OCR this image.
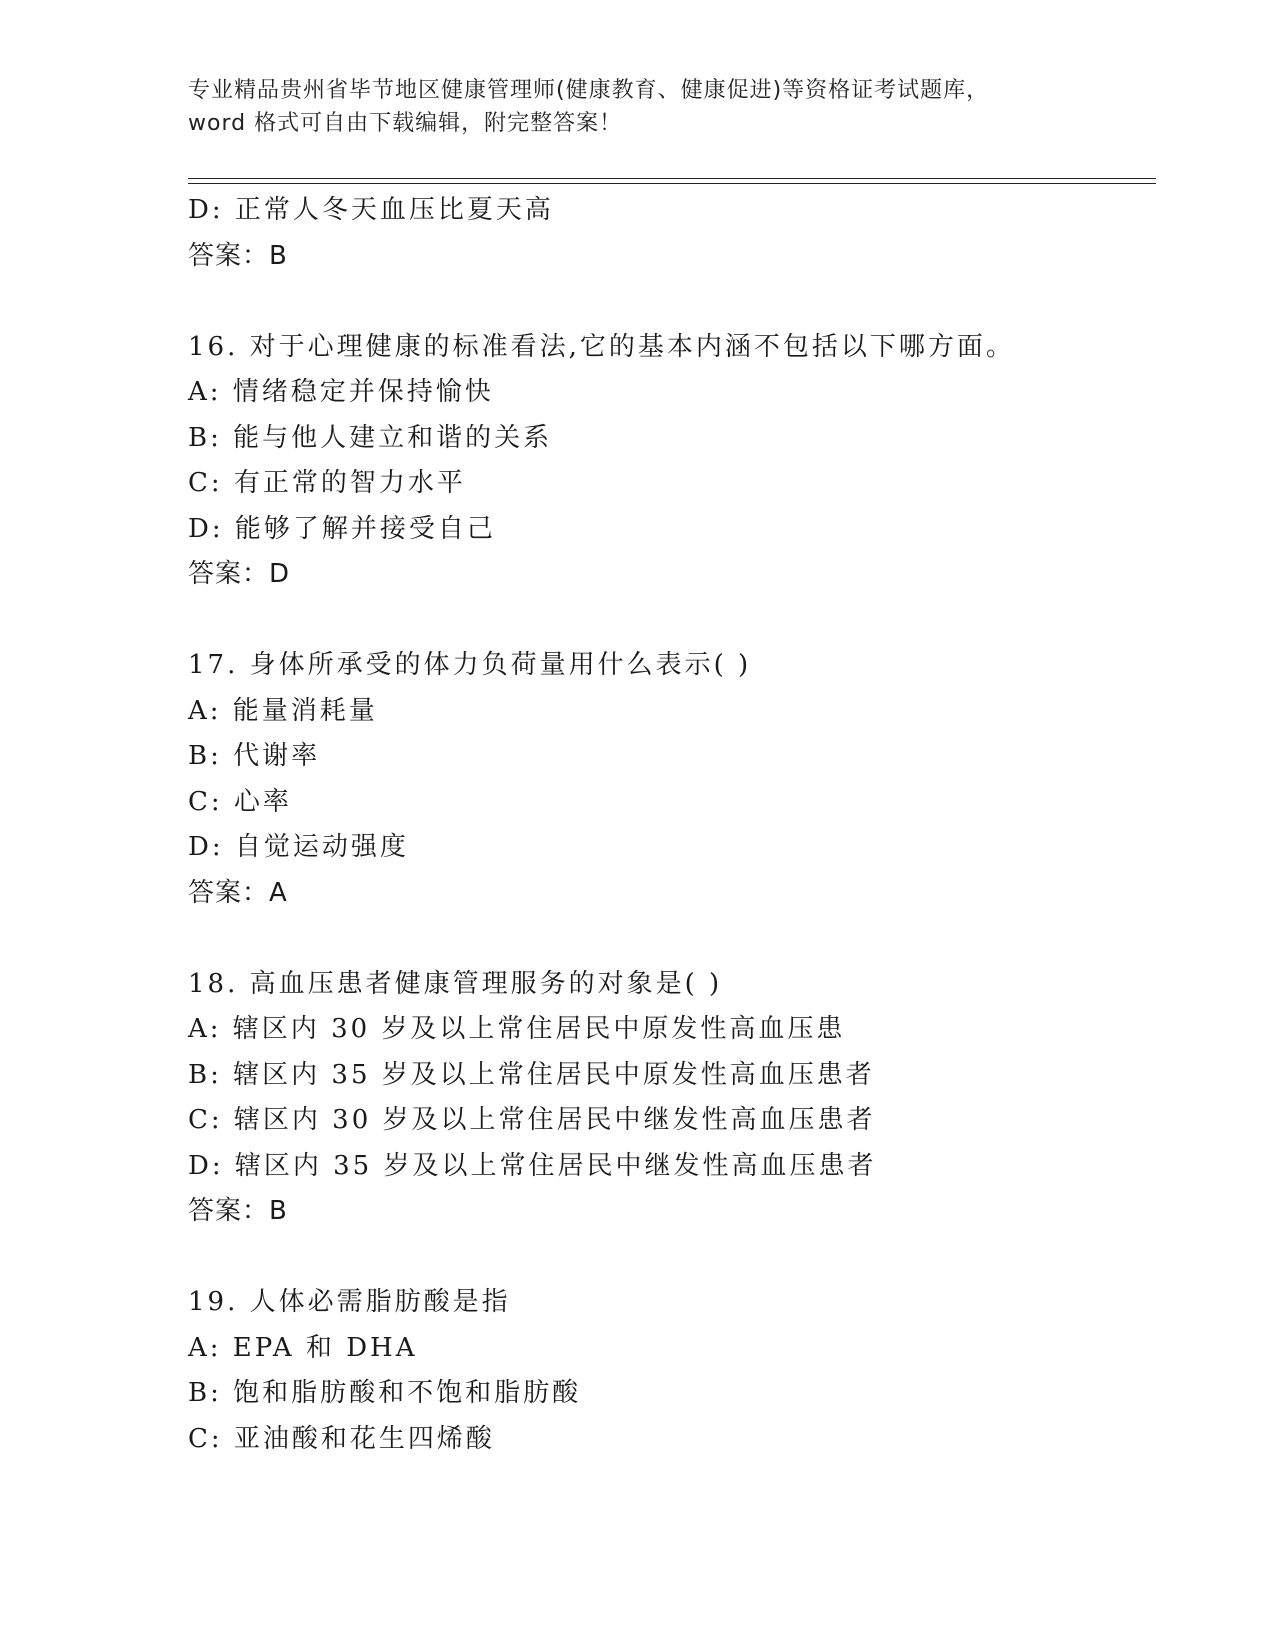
专业精品贵州省毕节地区健康管理师(健康教育、健康促进)等资格证考试题库，
word 格式可自由下载编辑，附完整答案！
D: 正常人冬天血压比夏天高
答案：B
16. 对于心理健康的标准看法,它的基本内涵不包括以下哪方面。
A: 情绪稳定并保持愉快
B: 能与他人建立和谐的关系
C: 有正常的智力水平
D: 能够了解并接受自己
答案：D
17. 身体所承受的体力负荷量用什么表示( )
A: 能量消耗量
B: 代谢率
C: 心率
D: 自觉运动强度
答案：A
18. 高血压患者健康管理服务的对象是( )
A: 辖区内 30 岁及以上常住居民中原发性高血压患
B: 辖区内 35 岁及以上常住居民中原发性高血压患者
C: 辖区内 30 岁及以上常住居民中继发性高血压患者
D: 辖区内 35 岁及以上常住居民中继发性高血压患者
答案：B
19. 人体必需脂肪酸是指
A: EPA 和 DHA
B: 饱和脂肪酸和不饱和脂肪酸
C: 亚油酸和花生四烯酸
